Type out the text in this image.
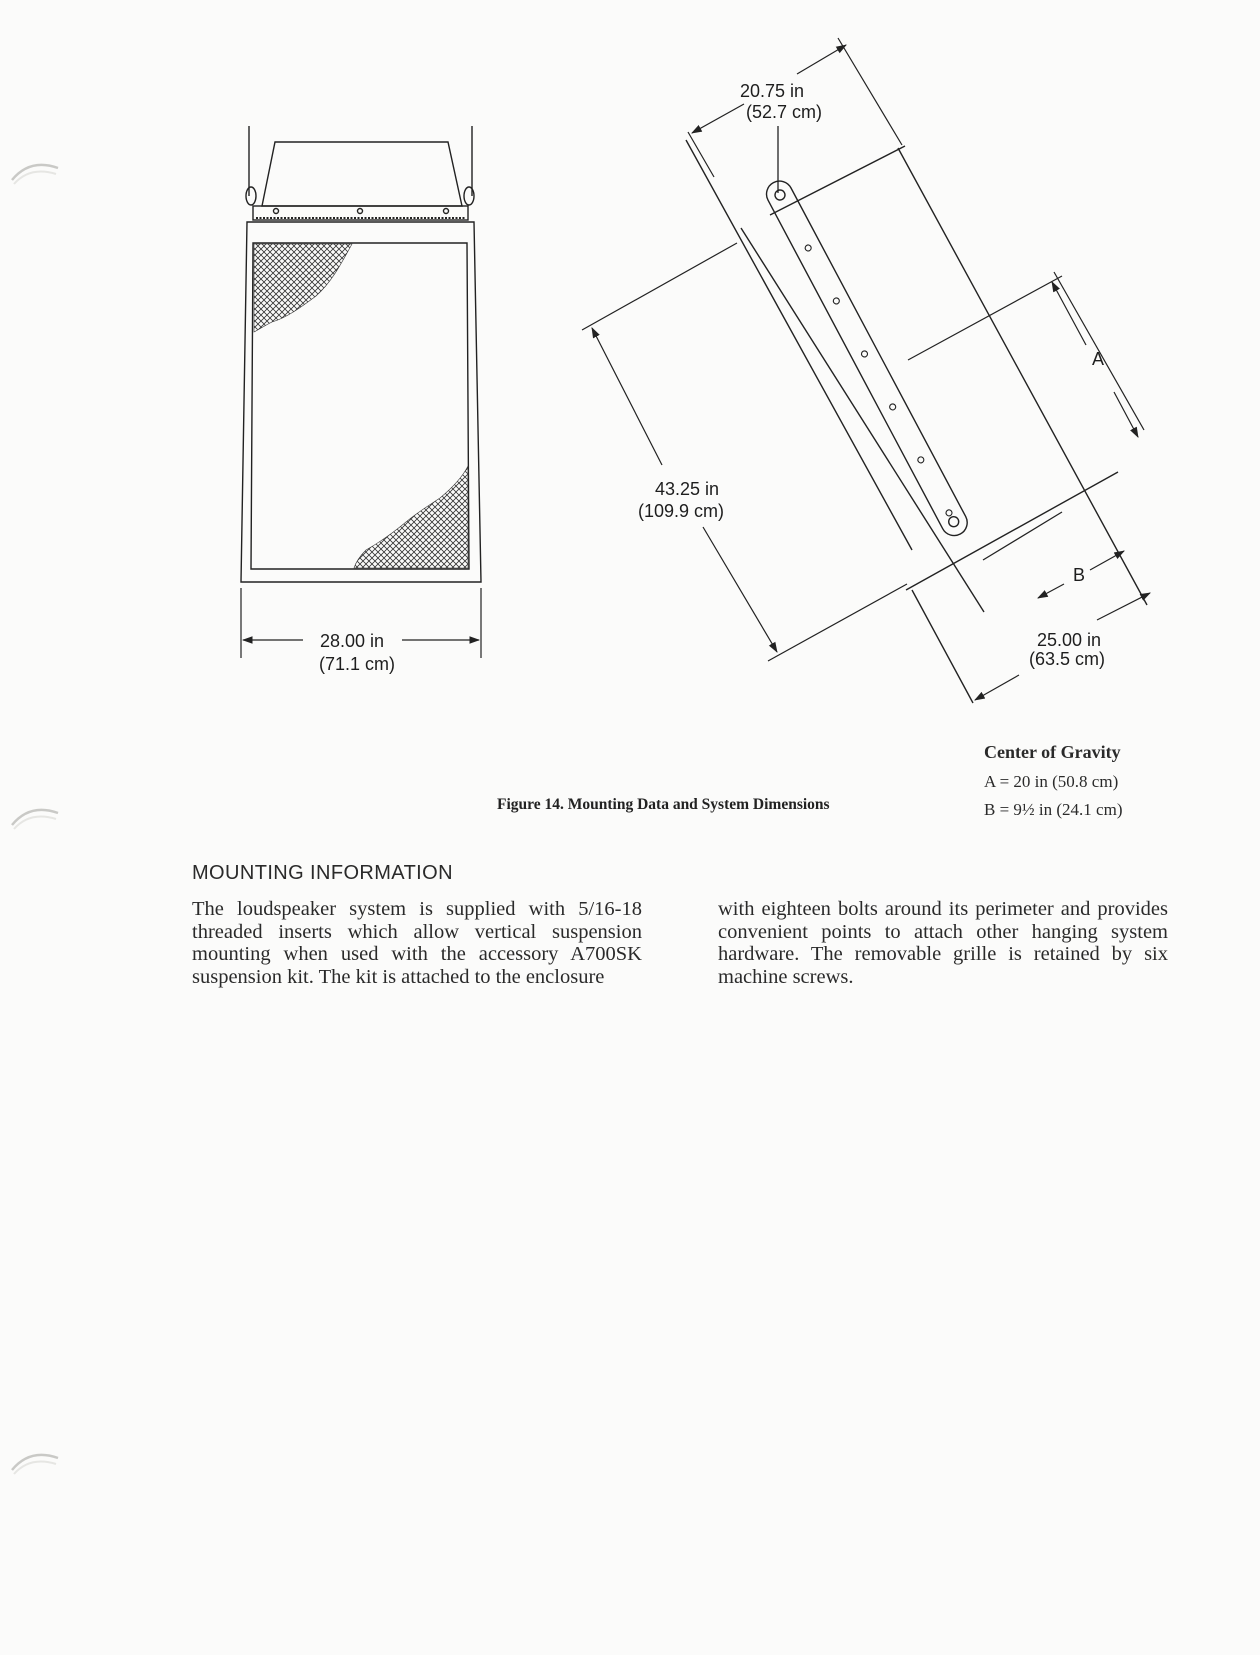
28.00 in
(71.1 cm)
20.75 in
(52.7 cm)
43.25 in
(109.9 cm)
25.00 in
(63.5 cm)
A
B
Figure 14. Mounting Data and System Dimensions
Center of Gravity
A = 20 in (50.8 cm)
B = 9½ in (24.1 cm)
MOUNTING INFORMATION
The loudspeaker system is supplied with 5/16-18 threaded inserts which allow vertical suspension mounting when used with the accessory A700SK suspension kit. The kit is attached to the enclosure
with eighteen bolts around its perimeter and provides convenient points to attach other hanging system hardware. The removable grille is retained by six machine screws.
